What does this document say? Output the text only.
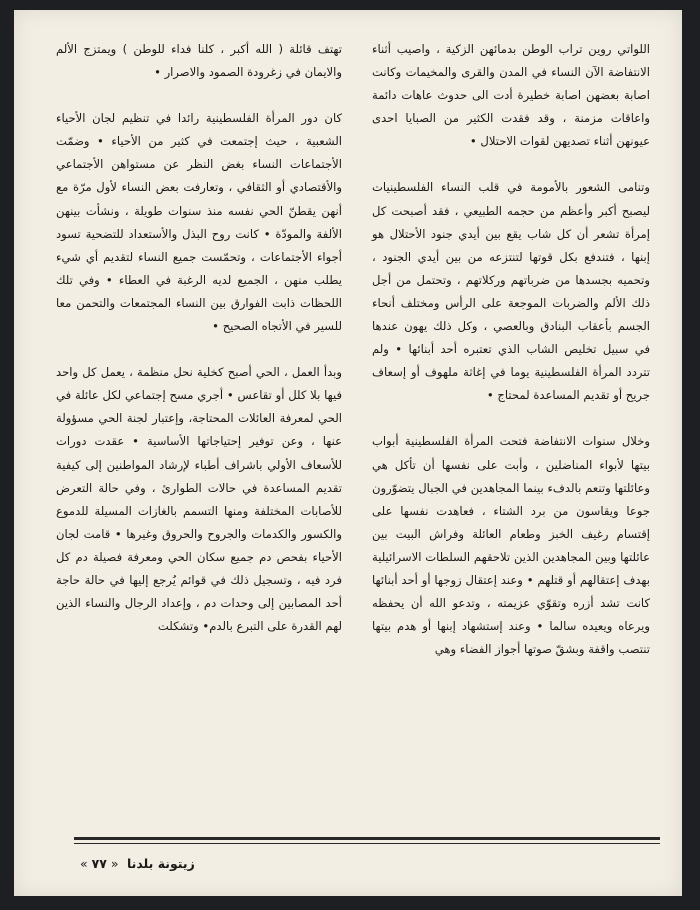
اللواتي روين تراب الوطن بدمائهن الزكية ، واصيب أثناء الانتفاضة الآن النساء في المدن والقرى والمخيمات وكانت اصابة بعضهن اصابة خطيرة أدت الى حدوث عاهات دائمة واعاقات مزمنة ، وقد فقدت الكثير من الصبايا احدى عيونهن أثناء تصديهن لقوات الاحتلال •

وتنامى الشعور بالأمومة في قلب النساء الفلسطينيات ليصبح أكبر وأعظم من حجمه الطبيعي ، فقد أصبحت كل إمرأة تشعر أن كل شاب يقع بين أيدي جنود الأحتلال هو إبنها ، فتندفع بكل قوتها لتنتزعه من بين أيدي الجنود ، وتحميه بجسدها من ضرباتهم وركلاتهم ، وتحتمل من أجل ذلك الألم والضربات الموجعة على الرأس ومختلف أنحاء الجسم بأعقاب البنادق وبالعصي ، وكل ذلك يهون عندها في سبيل تخليص الشاب الذي تعتبره أحد أبنائها • ولم تتردد المرأة الفلسطينية يوما في إغاثة ملهوف أو إسعاف جريح أو تقديم المساعدة لمحتاج •

وخلال سنوات الانتفاضة فتحت المرأة الفلسطينية أبواب بيتها لأبواء المناضلين ، وأبت على نفسها أن تأكل هي وعائلتها وتنعم بالدفء بينما المجاهدين في الجبال يتضوّرون جوعا ويقاسون من برد الشتاء ، فعاهدت نفسها على إقتسام رغيف الخبز وطعام العائلة وفراش البيت بين عائلتها وبين المجاهدين الذين تلاحقهم السلطات الاسرائيلية بهدف إعتقالهم أو قتلهم • وعند إعتقال زوجها أو أحد أبنائها كانت تشد أزره وتقوّي عزيمته ، وتدعو الله أن يحفظه ويرعاه ويعيده سالما • وعند إستشهاد إبنها أو هدم بيتها تنتصب واقفة وبشقّ صوتها أجواز الفضاء وهي

تهتف قائلة ( الله أكبر ، كلنا فداء للوطن ) ويمتزج الألم والايمان في زغرودة الصمود والاصرار •

كان دور المرأة الفلسطينية رائدا في تنظيم لجان الأحياء الشعبية ، حيث إجتمعت في كثير من الأحياء • وضمّت الأجتماعات النساء بغض النظر عن مستواهن الأجتماعي والأقتصادي أو الثقافي ، وتعارفت بعض النساء لأول مرّة مع أنهن يقطنّ الحي نفسه منذ سنوات طويلة ، ونشأت بينهن الألفة والمودّة • كانت روح البذل والأستعداد للتضحية تسود أجواء الأجتماعات ، وتحمّست جميع النساء لتقديم أي شيء يطلب منهن ، الجميع لديه الرغبة في العطاء • وفي تلك اللحظات ذابت الفوارق بين النساء المجتمعات والتحمن معا للسير في الأتجاه الصحيح •

وبدأ العمل ، الحي أصبح كخلية نحل منظمة ، يعمل كل واحد فيها بلا كلل أو تقاعس • أجري مسح إجتماعي لكل عائلة في الحي لمعرفة العائلات المحتاجة، وإعتبار لجنة الحي مسؤولة عنها ، وعن توفير إحتياجاتها الأساسية • عقدت دورات للأسعاف الأولي باشراف أطباء لإرشاد المواطنين إلى كيفية تقديم المساعدة في حالات الطوارئ ، وفي حالة التعرض للأصابات المختلفة ومنها التسمم بالغازات المسيلة للدموع والكسور والكدمات والجروح والحروق وغيرها • قامت لجان الأحياء بفحص دم جميع سكان الحي ومعرفة فصيلة دم كل فرد فيه ، وتسجيل ذلك في قوائم يُرجع إليها في حالة حاجة أحد المصابين إلى وحدات دم ، وإعداد الرجال والنساء الذين لهم القدرة على التبرع بالدم• وتشكلت

زيتونة بلدنا «٧٧»
